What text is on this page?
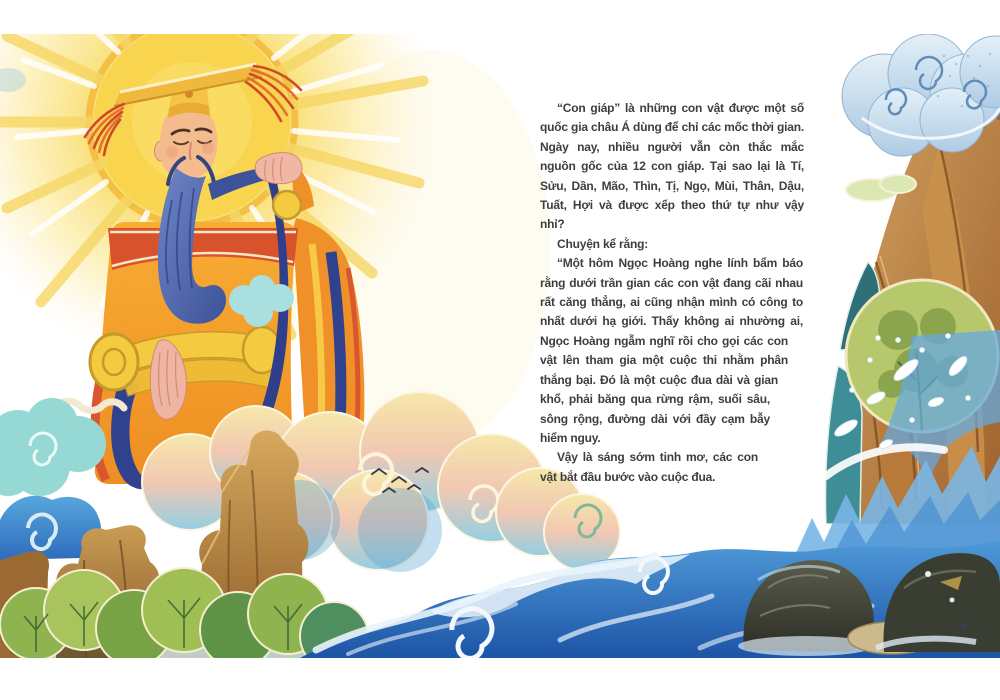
“Con giáp” là những con vật được một số quốc gia châu Á dùng để chỉ các mốc thời gian. Ngày nay, nhiều người vẫn còn thắc mắc nguồn gốc của 12 con giáp. Tại sao lại là Tí, Sửu, Dần, Mão, Thìn, Tị, Ngọ, Mùi, Thân, Dậu, Tuất, Hợi và được xếp theo thứ tự như vậy nhỉ?

Chuyện kể rằng:

“Một hôm Ngọc Hoàng nghe lính bẩm báo rằng dưới trần gian các con vật đang cãi nhau rất căng thẳng, ai cũng nhận mình có công to nhất dưới hạ giới. Thấy không ai nhường ai, Ngọc Hoàng ngẫm nghĩ rồi cho gọi các con vật lên tham gia một cuộc thi nhằm phân thắng bại. Đó là một cuộc đua dài và gian khổ, phải băng qua rừng rậm, suối sâu, sông rộng, đường dài với đầy cạm bẫy hiểm nguy.

Vậy là sáng sớm tinh mơ, các con vật bắt đầu bước vào cuộc đua.

5
